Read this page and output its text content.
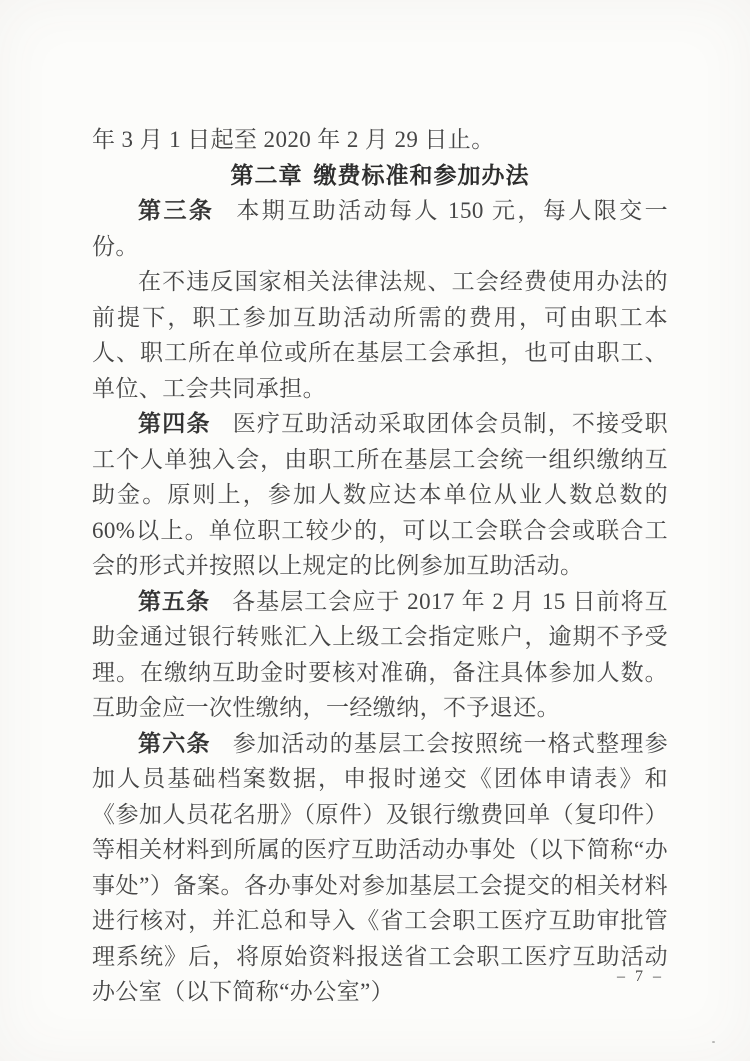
年 3 月 1 日起至 2020 年 2 月 29 日止。

第二章 缴费标准和参加办法

第三条 本期互助活动每人 150 元，每人限交一份。

在不违反国家相关法律法规、工会经费使用办法的前提下，职工参加互助活动所需的费用，可由职工本人、职工所在单位或所在基层工会承担，也可由职工、单位、工会共同承担。

第四条 医疗互助活动采取团体会员制，不接受职工个人单独入会，由职工所在基层工会统一组织缴纳互助金。原则上，参加人数应达本单位从业人数总数的 60%以上。单位职工较少的，可以工会联合会或联合工会的形式并按照以上规定的比例参加互助活动。

第五条 各基层工会应于 2017 年 2 月 15 日前将互助金通过银行转账汇入上级工会指定账户，逾期不予受理。在缴纳互助金时要核对准确，备注具体参加人数。互助金应一次性缴纳，一经缴纳，不予退还。

第六条 参加活动的基层工会按照统一格式整理参加人员基础档案数据，申报时递交《团体申请表》和《参加人员花名册》（原件）及银行缴费回单（复印件）等相关材料到所属的医疗互助活动办事处（以下简称“办事处”）备案。各办事处对参加基层工会提交的相关材料进行核对，并汇总和导入《省工会职工医疗互助审批管理系统》后，将原始资料报送省工会职工医疗互助活动办公室（以下简称“办公室”）

– 7 –
